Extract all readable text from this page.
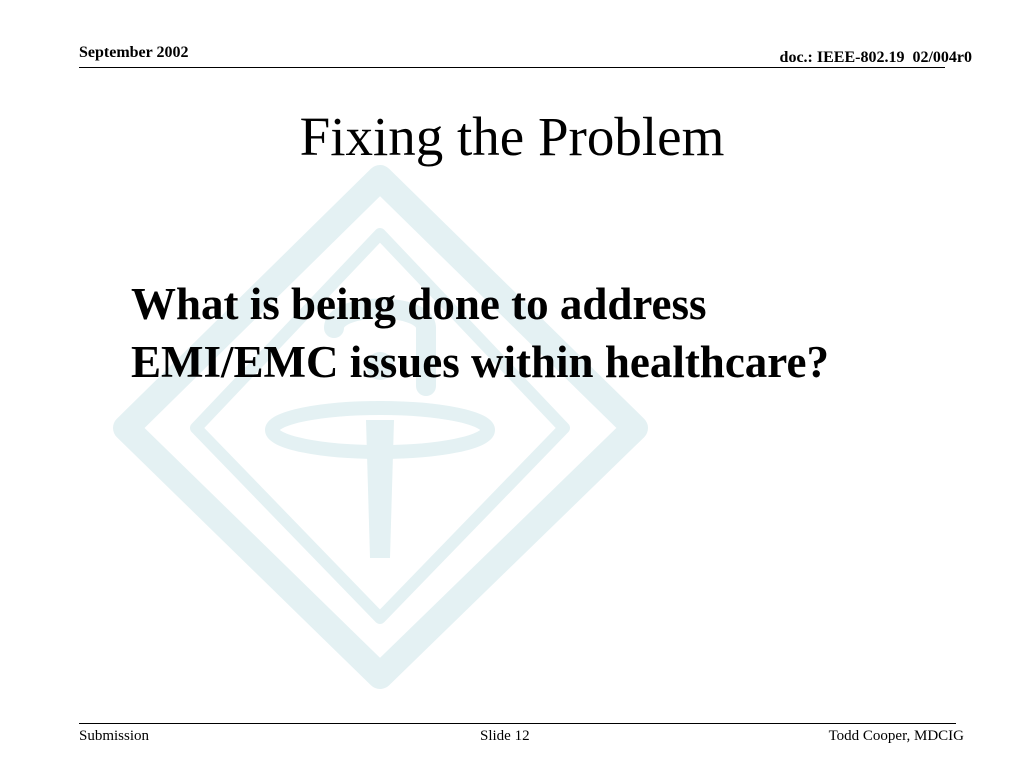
September 2002	doc.: IEEE-802.19  02/004r0
Fixing the Problem
What is being done to address
EMI/EMC issues within healthcare?
Submission	Slide 12	Todd Cooper, MDCIG
